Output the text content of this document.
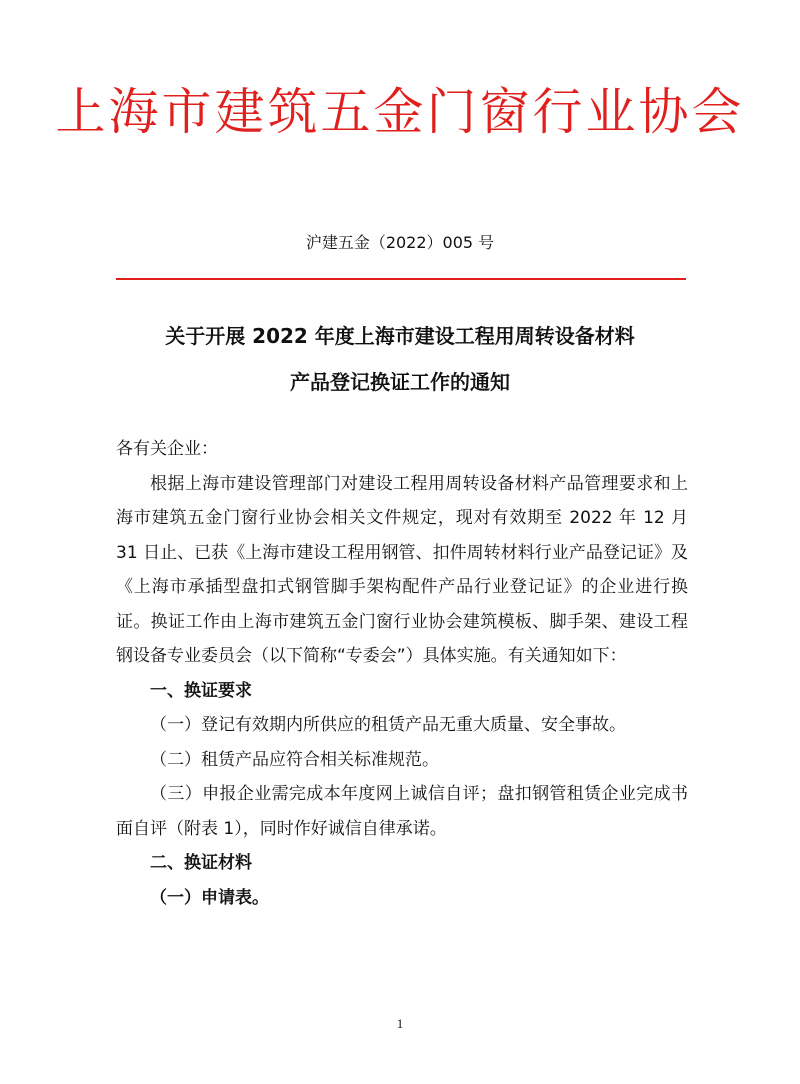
上海市建筑五金门窗行业协会
沪建五金（2022）005 号
关于开展 2022 年度上海市建设工程用周转设备材料
产品登记换证工作的通知

各有关企业：

根据上海市建设管理部门对建设工程用周转设备材料产品管理要求和上海市建筑五金门窗行业协会相关文件规定，现对有效期至 2022 年 12 月 31 日止、已获《上海市建设工程用钢管、扣件周转材料行业产品登记证》及《上海市承插型盘扣式钢管脚手架构配件产品行业登记证》的企业进行换证。换证工作由上海市建筑五金门窗行业协会建筑模板、脚手架、建设工程钢设备专业委员会（以下简称“专委会”）具体实施。有关通知如下：

一、换证要求

（一）登记有效期内所供应的租赁产品无重大质量、安全事故。

（二）租赁产品应符合相关标准规范。

（三）申报企业需完成本年度网上诚信自评；盘扣钢管租赁企业完成书面自评（附表 1），同时作好诚信自律承诺。

二、换证材料

（一）申请表。

1
